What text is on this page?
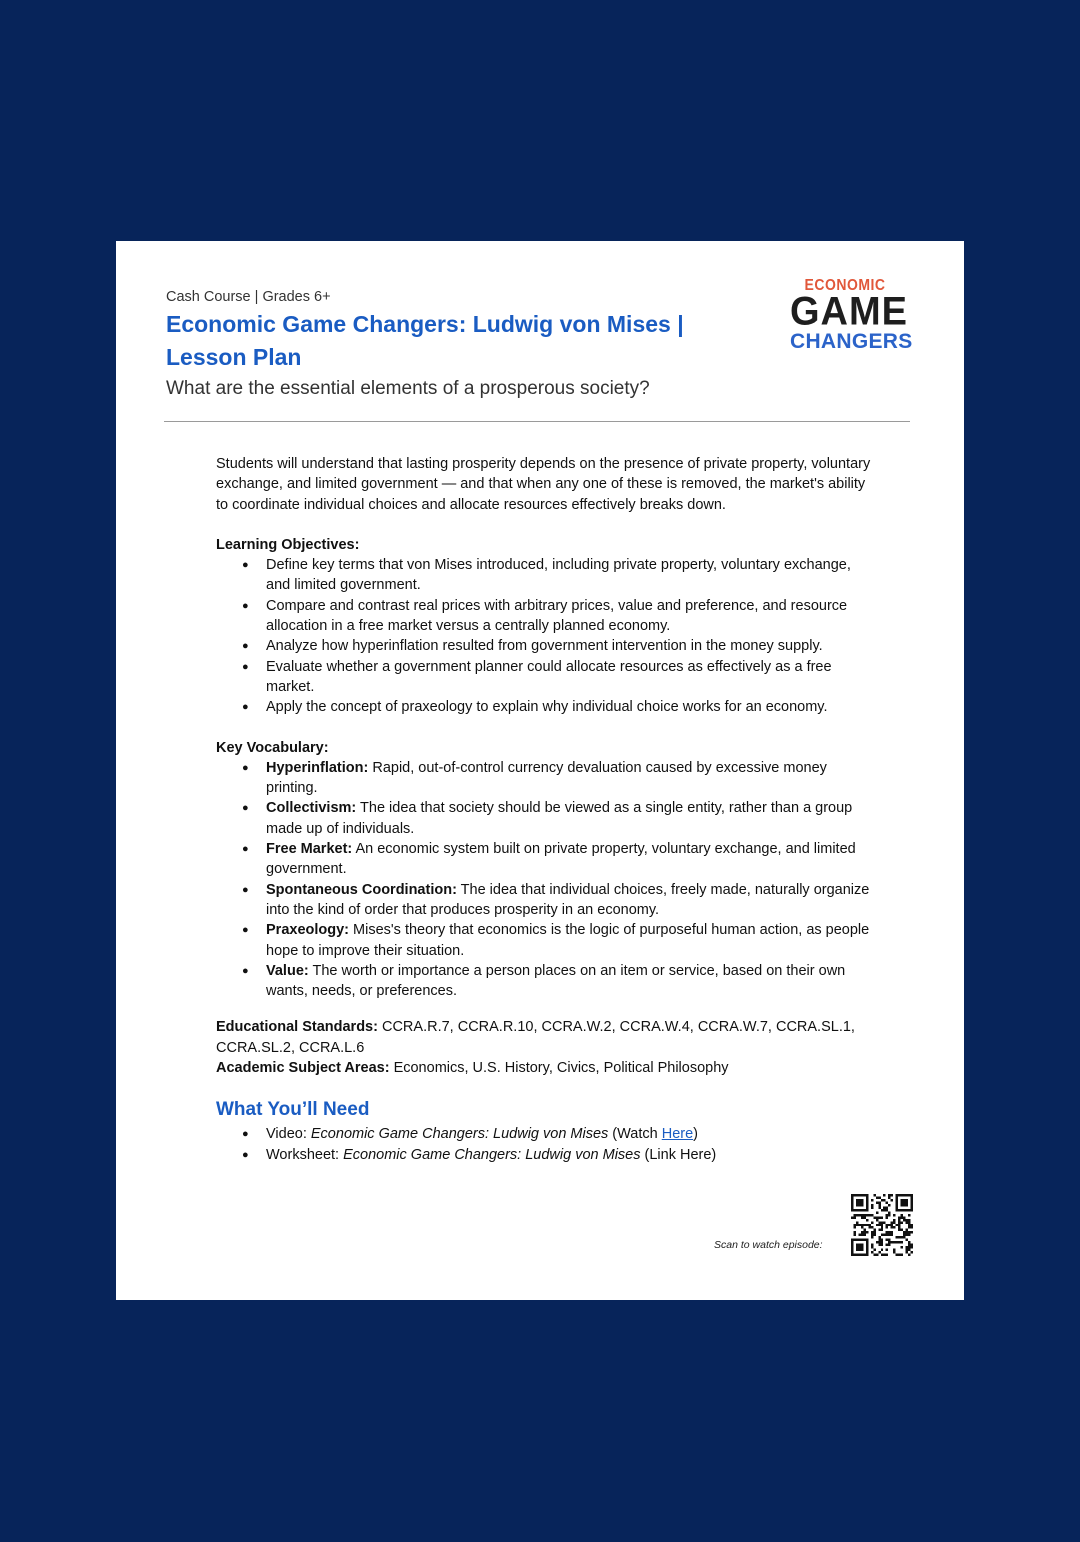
Cash Course | Grades 6+

Economic Game Changers: Ludwig von Mises |
Lesson Plan

What are the essential elements of a prosperous society?

ECONOMIC
GAME
CHANGERS

Students will understand that lasting prosperity depends on the presence of private property, voluntary exchange, and limited government — and that when any one of these is removed, the market's ability to coordinate individual choices and allocate resources effectively breaks down.

Learning Objectives:

● Define key terms that von Mises introduced, including private property, voluntary exchange, and limited government.
● Compare and contrast real prices with arbitrary prices, value and preference, and resource allocation in a free market versus a centrally planned economy.
● Analyze how hyperinflation resulted from government intervention in the money supply.
● Evaluate whether a government planner could allocate resources as effectively as a free market.
● Apply the concept of praxeology to explain why individual choice works for an economy.

Key Vocabulary:

● Hyperinflation: Rapid, out-of-control currency devaluation caused by excessive money printing.
● Collectivism: The idea that society should be viewed as a single entity, rather than a group made up of individuals.
● Free Market: An economic system built on private property, voluntary exchange, and limited government.
● Spontaneous Coordination: The idea that individual choices, freely made, naturally organize into the kind of order that produces prosperity in an economy.
● Praxeology: Mises's theory that economics is the logic of purposeful human action, as people hope to improve their situation.
● Value: The worth or importance a person places on an item or service, based on their own wants, needs, or preferences.

Educational Standards: CCRA.R.7, CCRA.R.10, CCRA.W.2, CCRA.W.4, CCRA.W.7, CCRA.SL.1, CCRA.SL.2, CCRA.L.6

Academic Subject Areas: Economics, U.S. History, Civics, Political Philosophy

What You’ll Need
● Video: Economic Game Changers: Ludwig von Mises (Watch Here)
● Worksheet: Economic Game Changers: Ludwig von Mises (Link Here)
Scan to watch episode:
